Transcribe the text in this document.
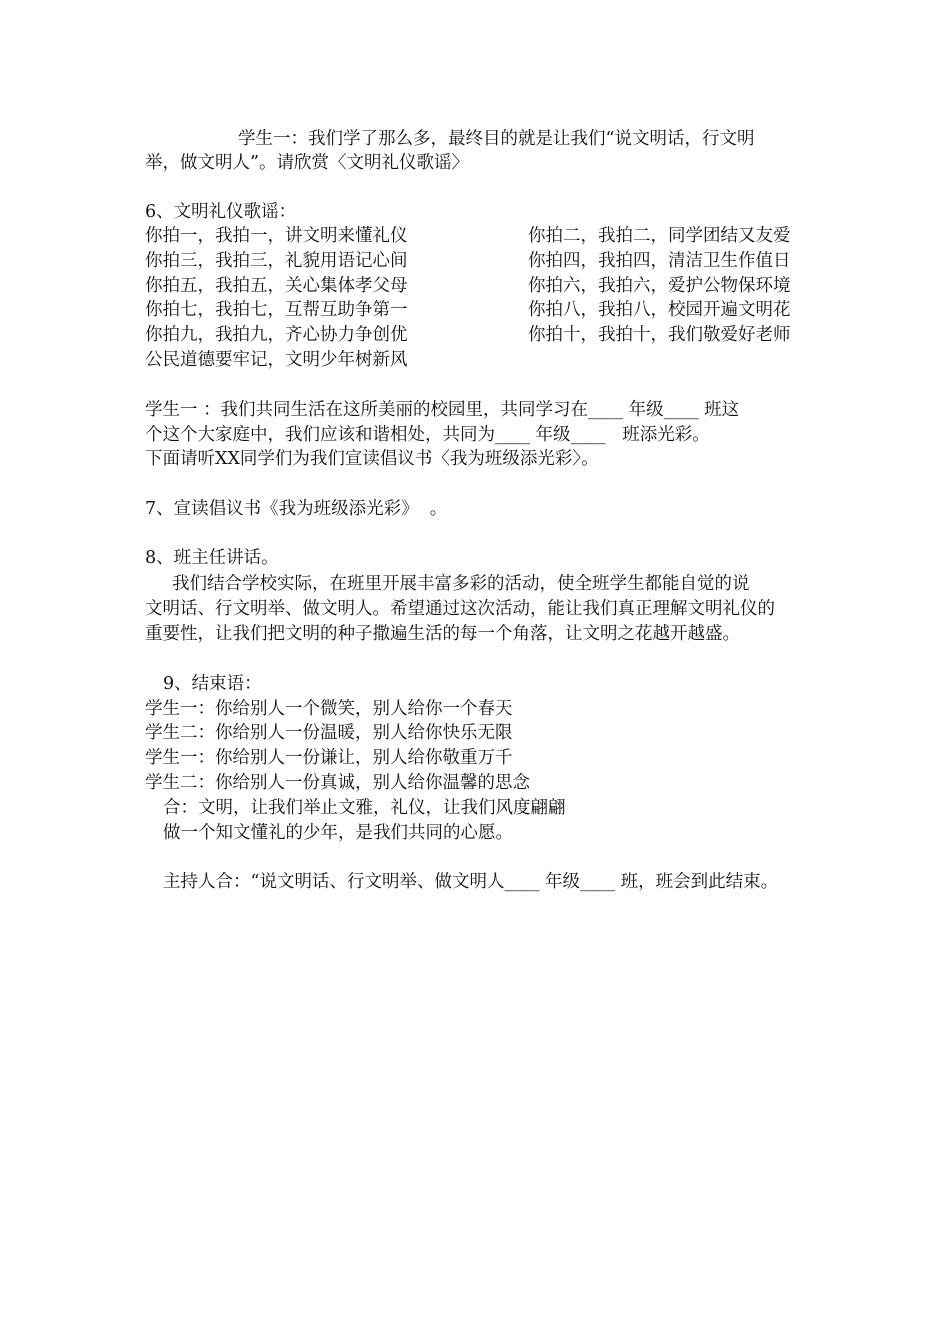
学生一：我们学了那么多，最终目的就是让我们“说文明话，行文明

举，做文明人”。请欣赏〈文明礼仪歌谣〉

6、文明礼仪歌谣：

你拍一，我拍一，讲文明来懂礼仪	你拍二，我拍二，同学团结又友爱
你拍三，我拍三，礼貌用语记心间	你拍四，我拍四，清洁卫生作值日
你拍五，我拍五，关心集体孝父母	你拍六，我拍六，爱护公物保环境
你拍七，我拍七，互帮互助争第一	你拍八，我拍八，校园开遍文明花
你拍九，我拍九，齐心协力争创优	你拍十，我拍十，我们敬爱好老师

公民道德要牢记，文明少年树新风

学生一 ：我们共同生活在这所美丽的校园里，共同学习在____ 年级____ 班这

个这个大家庭中，我们应该和谐相处，共同为____ 年级____   班添光彩。

下面请听XX同学们为我们宣读倡议书〈我为班级添光彩〉。

7、宣读倡议书《我为班级添光彩》  。

8、班主任讲话。

我们结合学校实际，在班里开展丰富多彩的活动，使全班学生都能自觉的说

文明话、行文明举、做文明人。希望通过这次活动，能让我们真正理解文明礼仪的

重要性，让我们把文明的种子撒遍生活的每一个角落，让文明之花越开越盛。

9、结束语：

学生一：你给别人一个微笑，别人给你一个春天

学生二：你给别人一份温暖，别人给你快乐无限

学生一：你给别人一份谦让，别人给你敬重万千

学生二：你给别人一份真诚，别人给你温馨的思念

合：文明，让我们举止文雅，礼仪，让我们风度翩翩

做一个知文懂礼的少年，是我们共同的心愿。

主持人合：“说文明话、行文明举、做文明人____ 年级____ 班，班会到此结束。
